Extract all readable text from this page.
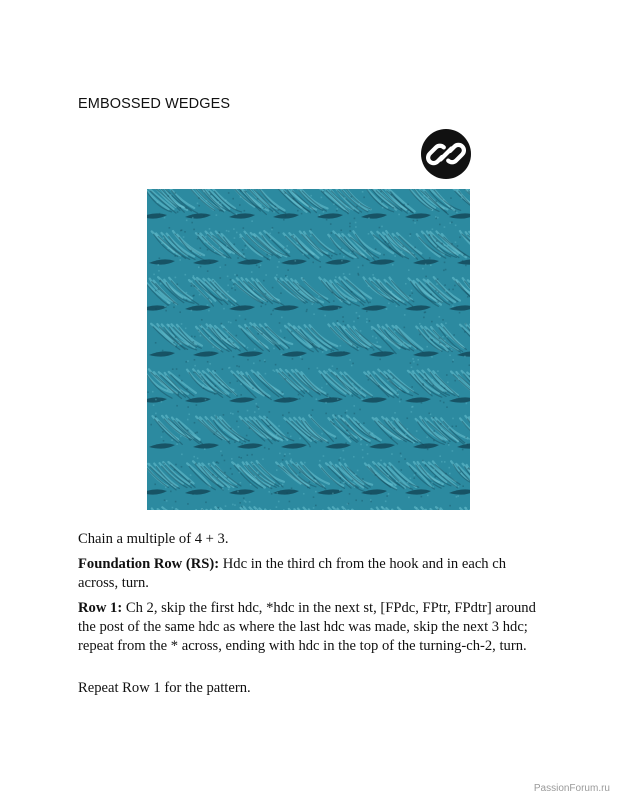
EMBOSSED WEDGES

Chain a multiple of 4 + 3.

Foundation Row (RS): Hdc in the third ch from the hook and in each ch across, turn.

Row 1: Ch 2, skip the first hdc, *hdc in the next st, [FPdc, FPtr, FPdtr] around the post of the same hdc as where the last hdc was made, skip the next 3 hdc; repeat from the * across, ending with hdc in the top of the turning-ch-2, turn.

Repeat Row 1 for the pattern.

PassionForum.ru
